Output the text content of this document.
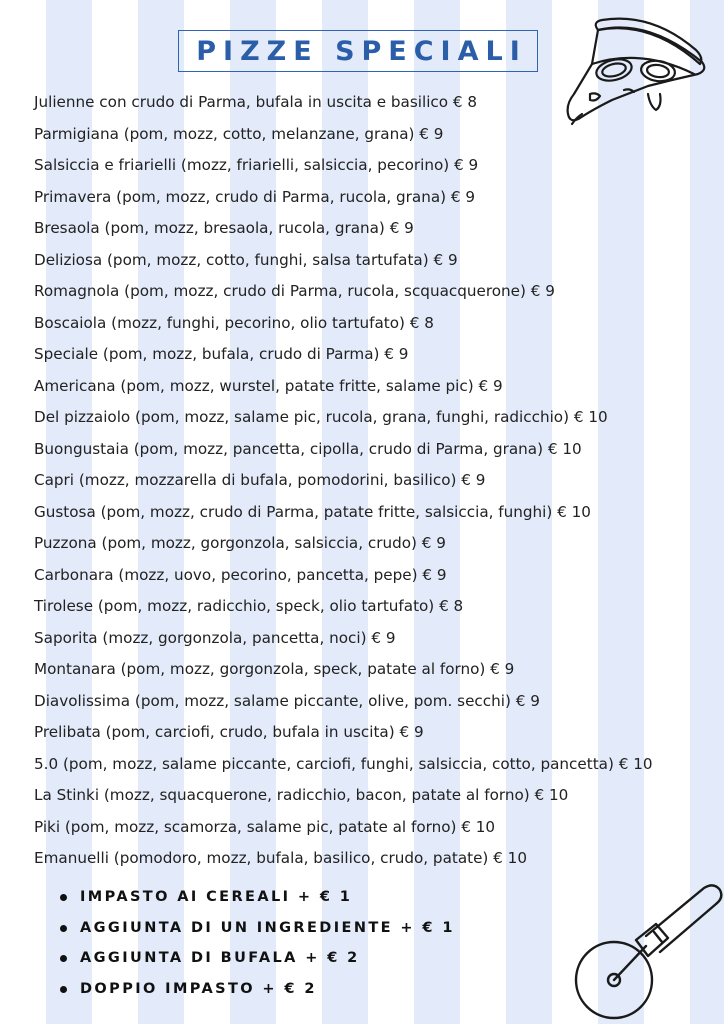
PIZZE SPECIALI
Julienne con crudo di Parma, bufala in uscita e basilico € 8
Parmigiana (pom, mozz, cotto, melanzane, grana) € 9
Salsiccia e friarielli (mozz, friarielli, salsiccia, pecorino) € 9
Primavera (pom, mozz, crudo di Parma, rucola, grana) € 9
Bresaola (pom, mozz, bresaola, rucola, grana) € 9
Deliziosa (pom, mozz, cotto, funghi, salsa tartufata) € 9
Romagnola (pom, mozz, crudo di Parma, rucola, scquacquerone) € 9
Boscaiola (mozz, funghi, pecorino, olio tartufato) € 8
Speciale (pom, mozz, bufala, crudo di Parma) € 9
Americana (pom, mozz, wurstel, patate fritte, salame pic) € 9
Del pizzaiolo (pom, mozz, salame pic, rucola, grana, funghi, radicchio) € 10
Buongustaia (pom, mozz, pancetta, cipolla, crudo di Parma, grana) € 10
Capri (mozz, mozzarella di bufala, pomodorini, basilico) € 9
Gustosa (pom, mozz, crudo di Parma, patate fritte, salsiccia, funghi) € 10
Puzzona (pom, mozz, gorgonzola, salsiccia, crudo) € 9
Carbonara (mozz, uovo, pecorino, pancetta, pepe) € 9
Tirolese (pom, mozz, radicchio, speck, olio tartufato) € 8
Saporita (mozz, gorgonzola, pancetta, noci) € 9
Montanara (pom, mozz, gorgonzola, speck, patate al forno) € 9
Diavolissima (pom, mozz, salame piccante, olive, pom. secchi) € 9
Prelibata (pom, carciofi, crudo, bufala in uscita) € 9
5.0 (pom, mozz, salame piccante, carciofi, funghi, salsiccia, cotto, pancetta) € 10
La Stinki (mozz, squacquerone, radicchio, bacon, patate al forno) € 10
Piki (pom, mozz, scamorza, salame pic, patate al forno) € 10
Emanuelli (pomodoro, mozz, bufala, basilico, crudo, patate) € 10
IMPASTO AI CEREALI + € 1
AGGIUNTA DI UN INGREDIENTE + € 1
AGGIUNTA DI BUFALA + € 2
DOPPIO IMPASTO + € 2
